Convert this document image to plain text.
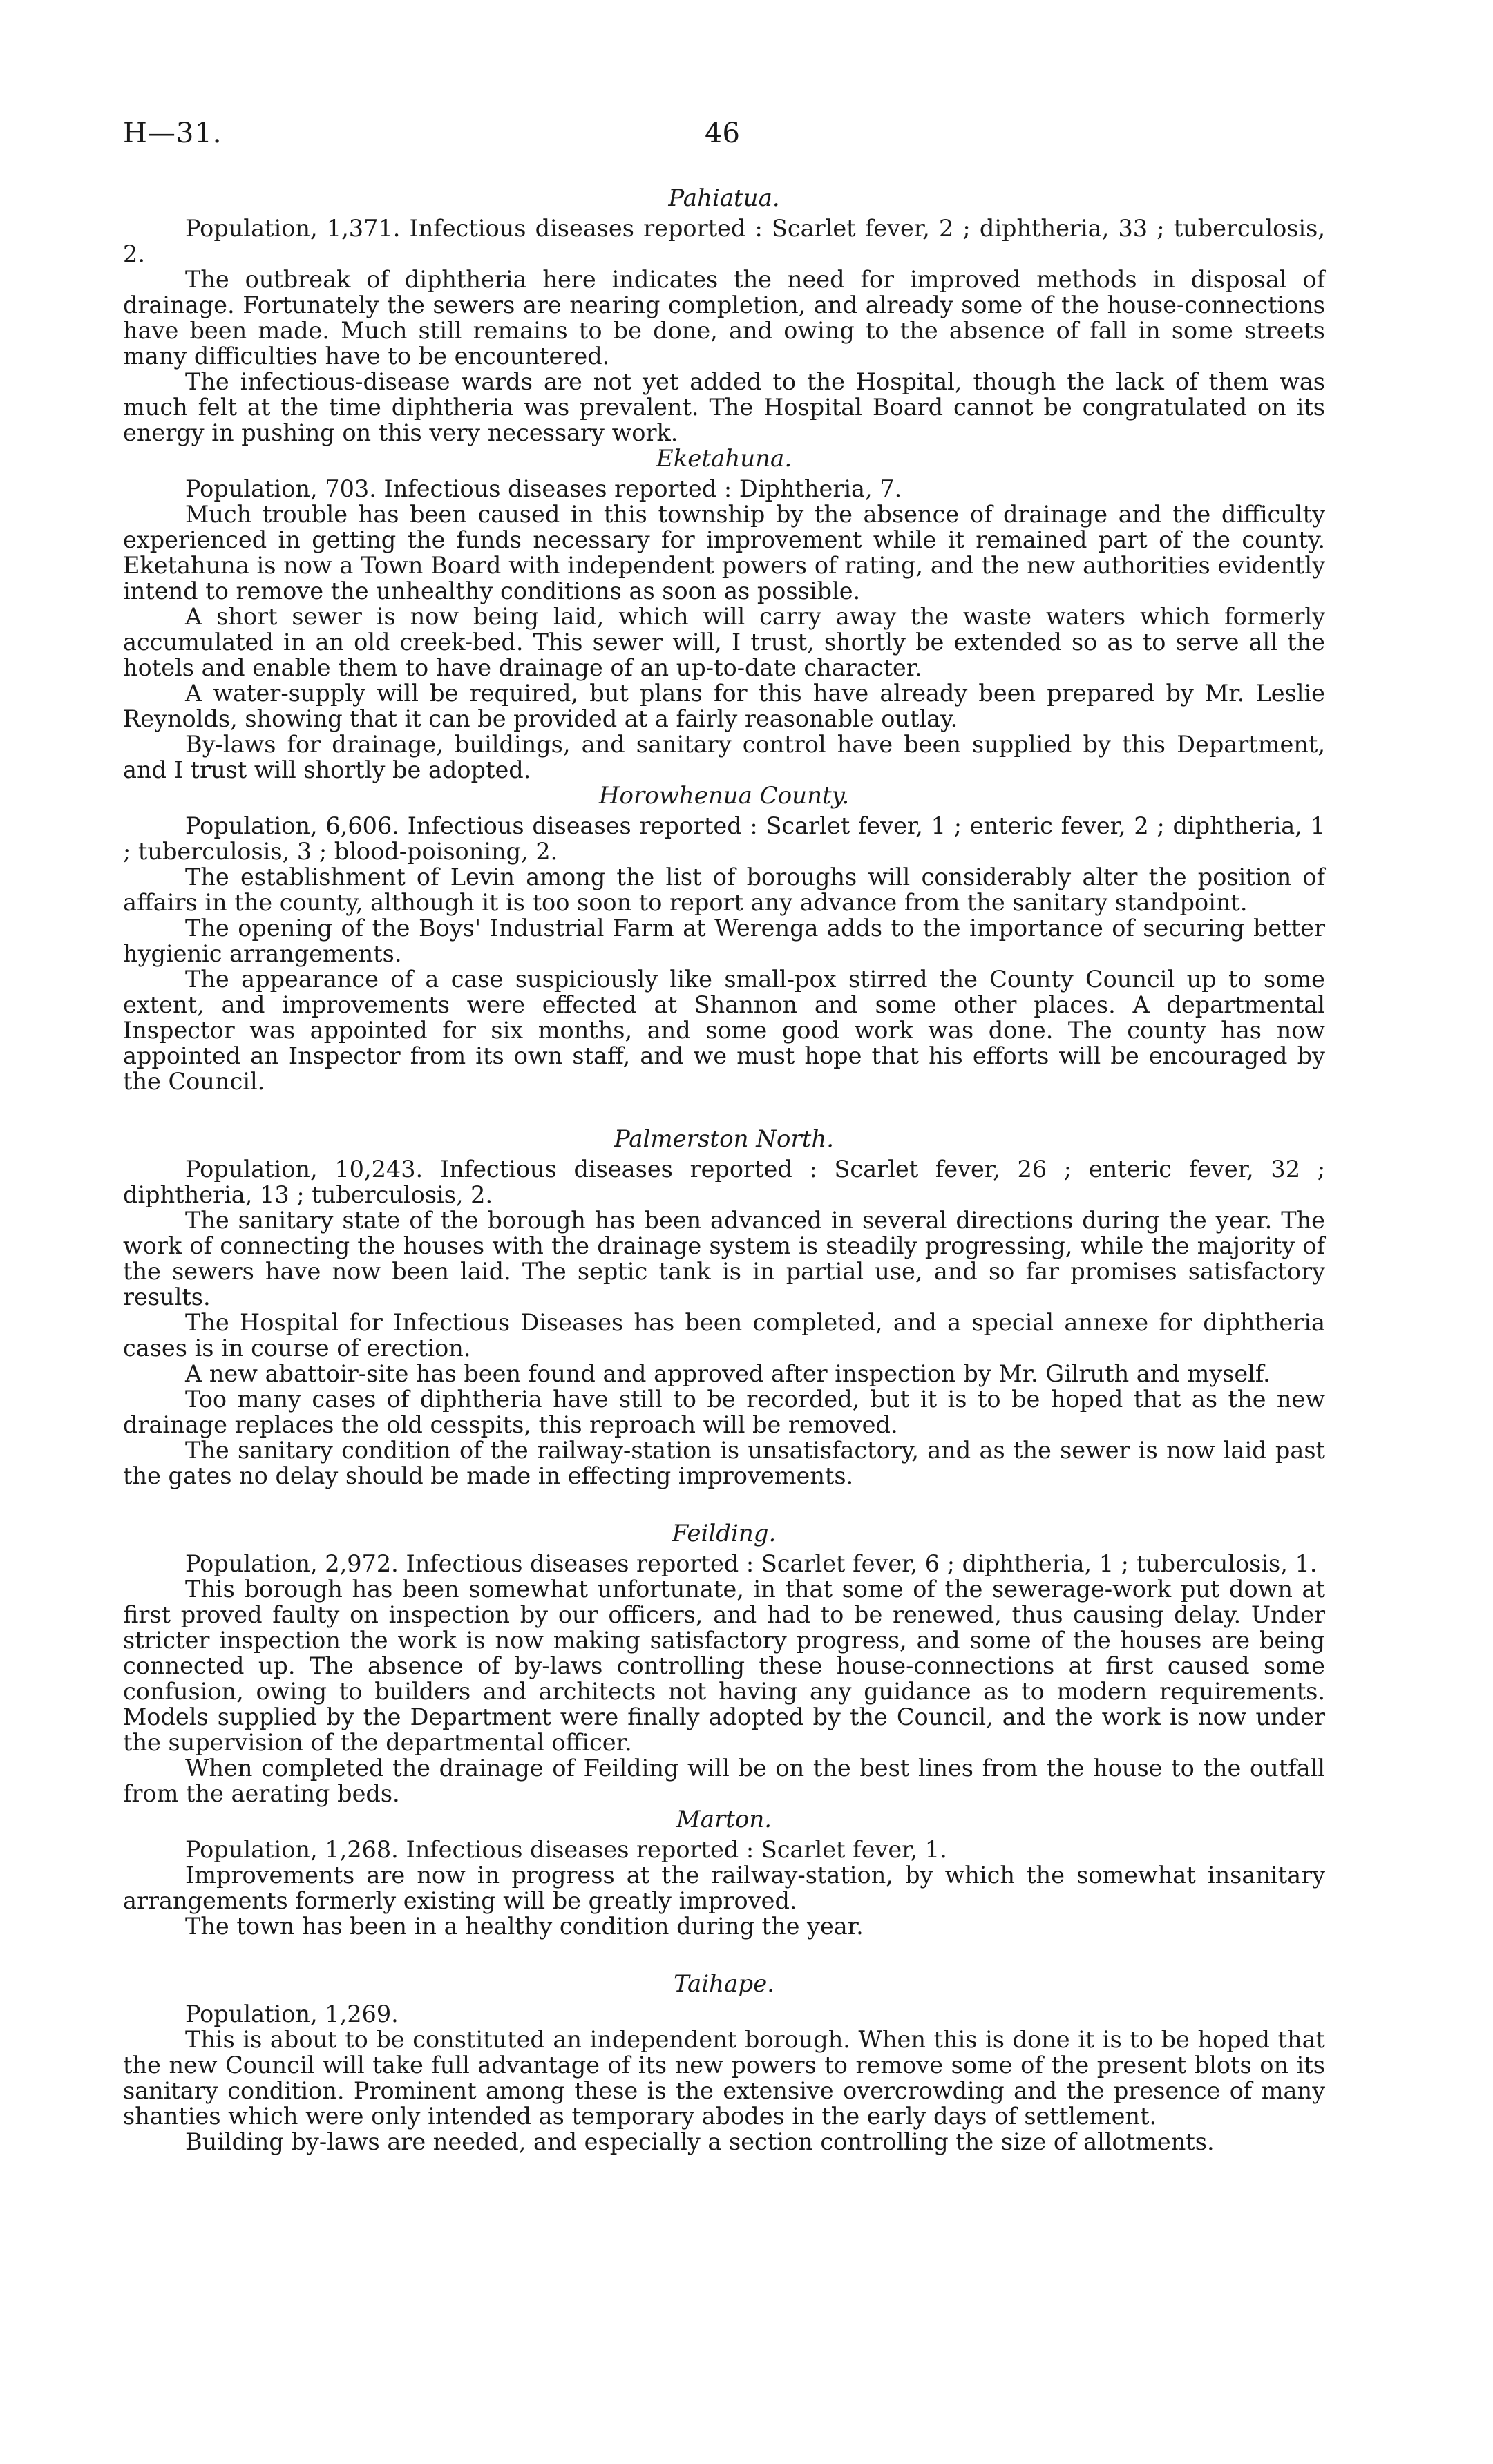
H—31.	46
Pahiatua.

Population, 1,371. Infectious diseases reported : Scarlet fever, 2 ; diphtheria, 33 ; tuberculosis, 2.

The outbreak of diphtheria here indicates the need for improved methods in disposal of drainage. Fortunately the sewers are nearing completion, and already some of the house-connections have been made. Much still remains to be done, and owing to the absence of fall in some streets many difficulties have to be encountered.

The infectious-disease wards are not yet added to the Hospital, though the lack of them was much felt at the time diphtheria was prevalent. The Hospital Board cannot be congratulated on its energy in pushing on this very necessary work.

Eketahuna.

Population, 703. Infectious diseases reported : Diphtheria, 7.

Much trouble has been caused in this township by the absence of drainage and the difficulty experienced in getting the funds necessary for improvement while it remained part of the county. Eketahuna is now a Town Board with independent powers of rating, and the new authorities evidently intend to remove the unhealthy conditions as soon as possible.

A short sewer is now being laid, which will carry away the waste waters which formerly accumulated in an old creek-bed. This sewer will, I trust, shortly be extended so as to serve all the hotels and enable them to have drainage of an up-to-date character.

A water-supply will be required, but plans for this have already been prepared by Mr. Leslie Reynolds, showing that it can be provided at a fairly reasonable outlay.

By-laws for drainage, buildings, and sanitary control have been supplied by this Department, and I trust will shortly be adopted.

Horowhenua County.

Population, 6,606. Infectious diseases reported : Scarlet fever, 1 ; enteric fever, 2 ; diphtheria, 1 ; tuberculosis, 3 ; blood-poisoning, 2.

The establishment of Levin among the list of boroughs will considerably alter the position of affairs in the county, although it is too soon to report any advance from the sanitary standpoint.

The opening of the Boys' Industrial Farm at Werenga adds to the importance of securing better hygienic arrangements.

The appearance of a case suspiciously like small-pox stirred the County Council up to some extent, and improvements were effected at Shannon and some other places. A departmental Inspector was appointed for six months, and some good work was done. The county has now appointed an Inspector from its own staff, and we must hope that his efforts will be encouraged by the Council.

Palmerston North.

Population, 10,243. Infectious diseases reported : Scarlet fever, 26 ; enteric fever, 32 ; diphtheria, 13 ; tuberculosis, 2.

The sanitary state of the borough has been advanced in several directions during the year. The work of connecting the houses with the drainage system is steadily progressing, while the majority of the sewers have now been laid. The septic tank is in partial use, and so far promises satisfactory results.

The Hospital for Infectious Diseases has been completed, and a special annexe for diphtheria cases is in course of erection.

A new abattoir-site has been found and approved after inspection by Mr. Gilruth and myself.

Too many cases of diphtheria have still to be recorded, but it is to be hoped that as the new drainage replaces the old cesspits, this reproach will be removed.

The sanitary condition of the railway-station is unsatisfactory, and as the sewer is now laid past the gates no delay should be made in effecting improvements.

Feilding.

Population, 2,972. Infectious diseases reported : Scarlet fever, 6 ; diphtheria, 1 ; tuberculosis, 1.

This borough has been somewhat unfortunate, in that some of the sewerage-work put down at first proved faulty on inspection by our officers, and had to be renewed, thus causing delay. Under stricter inspection the work is now making satisfactory progress, and some of the houses are being connected up. The absence of by-laws controlling these house-connections at first caused some confusion, owing to builders and architects not having any guidance as to modern requirements. Models supplied by the Department were finally adopted by the Council, and the work is now under the supervision of the departmental officer.

When completed the drainage of Feilding will be on the best lines from the house to the outfall from the aerating beds.

Marton.

Population, 1,268. Infectious diseases reported : Scarlet fever, 1.

Improvements are now in progress at the railway-station, by which the somewhat insanitary arrangements formerly existing will be greatly improved.

The town has been in a healthy condition during the year.

Taihape.

Population, 1,269.

This is about to be constituted an independent borough. When this is done it is to be hoped that the new Council will take full advantage of its new powers to remove some of the present blots on its sanitary condition. Prominent among these is the extensive overcrowding and the presence of many shanties which were only intended as temporary abodes in the early days of settlement.

Building by-laws are needed, and especially a section controlling the size of allotments.
